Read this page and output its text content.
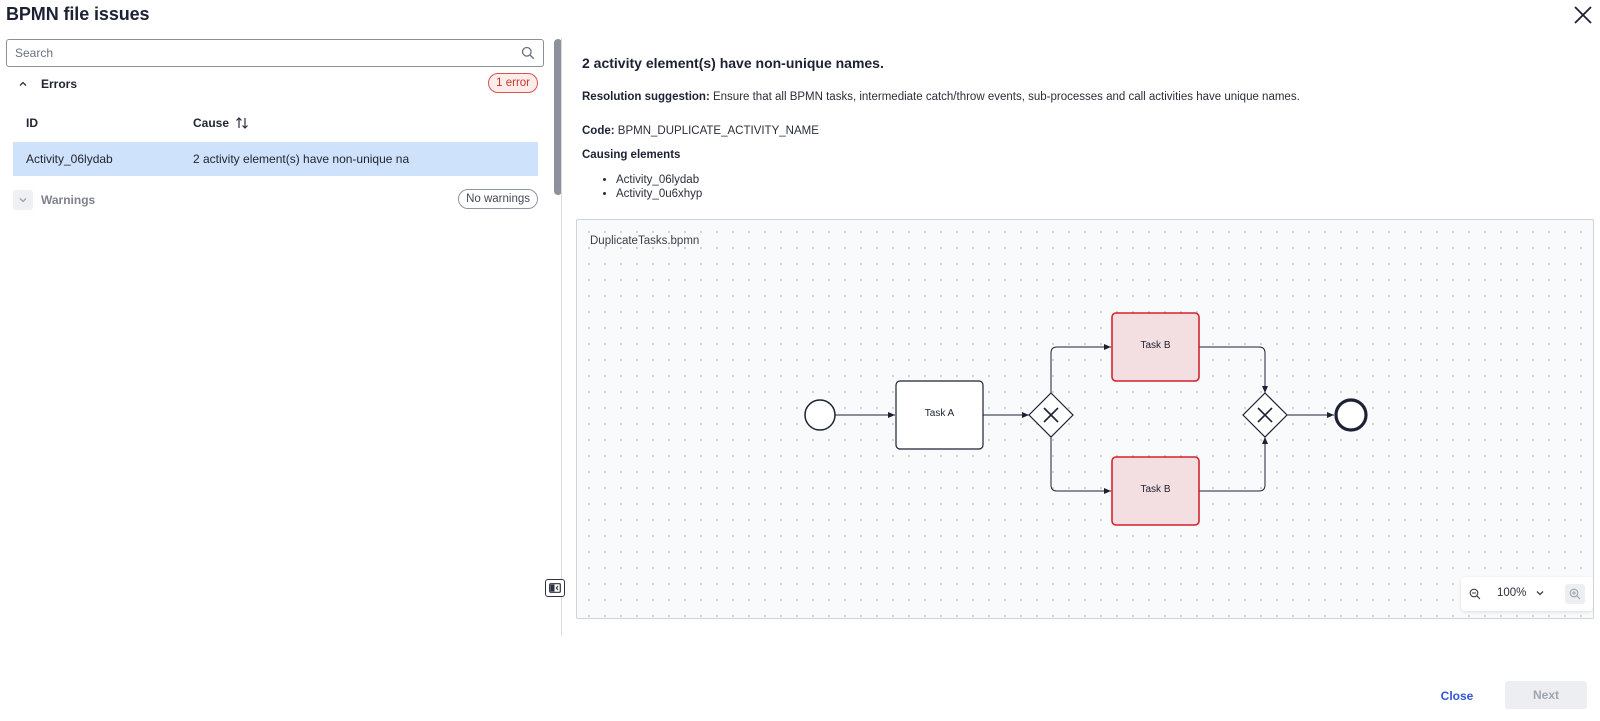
BPMN file issues
Search
Errors	1 error
ID	Cause
Activity_06lydab	2 activity element(s) have non-unique na
Warnings	No warnings
2 activity element(s) have non-unique names.
Resolution suggestion: Ensure that all BPMN tasks, intermediate catch/throw events, sub-processes and call activities have unique names.
Code: BPMN_DUPLICATE_ACTIVITY_NAME
Causing elements
• Activity_06lydab
• Activity_0u6xhyp
DuplicateTasks.bpmn
Task A
Task B
Task B
100%
Close	Next
